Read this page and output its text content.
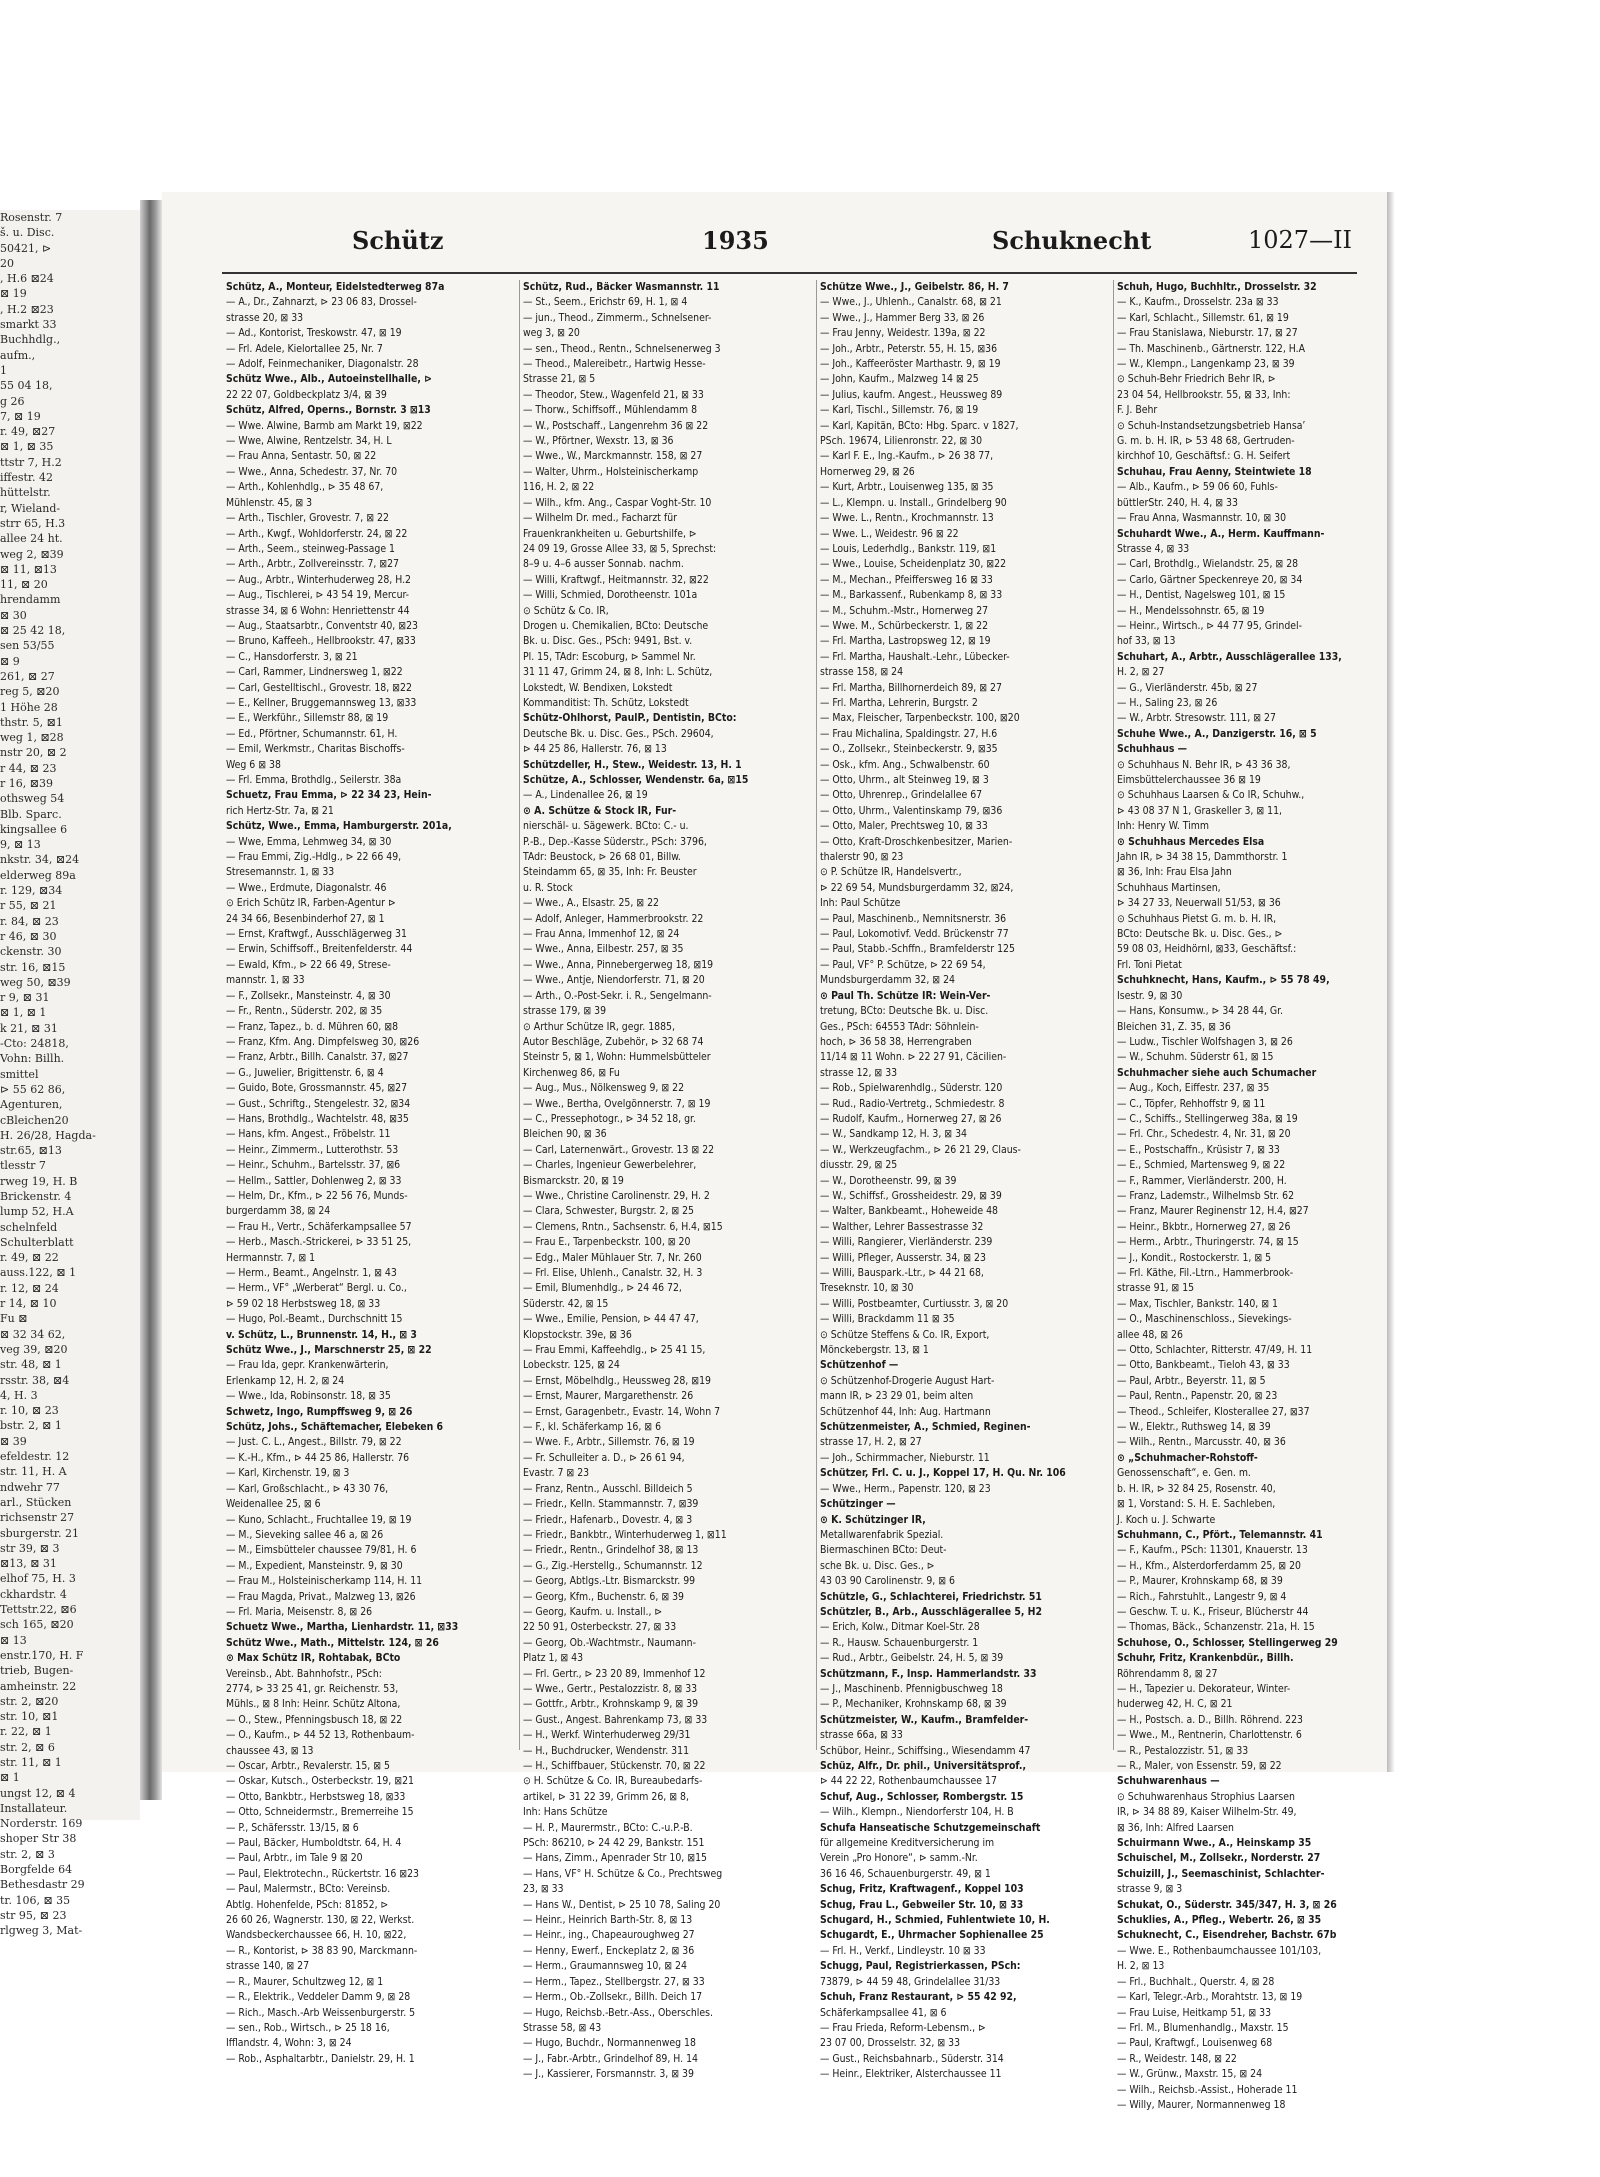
Rosenstr. 7
š. u. Disc.
50421, ⊳
20
, H.6 ⊠24
⊠ 19
, H.2 ⊠23
smarkt 33
Buchhdlg.,
aufm.,
1
55 04 18,
g 26
7, ⊠ 19
r. 49, ⊠27
⊠ 1, ⊠ 35
ttstr 7, H.2
iffestr. 42
hüttelstr.
r, Wieland-
strr 65, H.3
allee 24 ht.
weg 2, ⊠39
⊠ 11, ⊠13
11, ⊠ 20
hrendamm
⊠ 30
⊠ 25 42 18,
sen 53/55
⊠ 9
261, ⊠ 27
reg 5, ⊠20
1 Höhe 28
thstr. 5, ⊠1
weg 1, ⊠28
nstr 20, ⊠ 2
r 44, ⊠ 23
r 16, ⊠39
othsweg 54
Blb. Sparc.
kingsallee 6
9, ⊠ 13
nkstr. 34, ⊠24
elderweg 89a
r. 129, ⊠34
r 55, ⊠ 21
r. 84, ⊠ 23
r 46, ⊠ 30
ckenstr. 30
str. 16, ⊠15
weg 50, ⊠39
r 9, ⊠ 31
⊠ 1, ⊠ 1
k 21, ⊠ 31
-Cto: 24818,
Vohn: Billh.
smittel
⊳ 55 62 86,
Agenturen,
cBleichen20
H. 26/28, Hagda-
str.65, ⊠13
tlesstr 7
rweg 19, H. B
Brickenstr. 4
lump 52, H.A
schelnfeld
Schulterblatt
r. 49, ⊠ 22
auss.122, ⊠ 1
r. 12, ⊠ 24
r 14, ⊠ 10
Fu ⊠
⊠ 32 34 62,
veg 39, ⊠20
str. 48, ⊠ 1
rsstr. 38, ⊠4
4, H. 3
r. 10, ⊠ 23
bstr. 2, ⊠ 1
⊠ 39
efeldestr. 12
str. 11, H. A
ndwehr 77
arl., Stücken
richsenstr 27
sburgerstr. 21
str 39, ⊠ 3
⊠13, ⊠ 31
elhof 75, H. 3
ckhardstr. 4
Tettstr.22, ⊠6
sch 165, ⊠20
⊠ 13
enstr.170, H. F
trieb, Bugen-
amheinstr. 22
str. 2, ⊠20
str. 10, ⊠1
r. 22, ⊠ 1
str. 2, ⊠ 6
str. 11, ⊠ 1
⊠ 1
ungst 12, ⊠ 4
Installateur.
Norderstr. 169
shoper Str 38
str. 2, ⊠ 3
Borgfelde 64
Bethesdastr 29
tr. 106, ⊠ 35
str 95, ⊠ 23
rlgweg 3, Mat-
Schütz	1935	Schuknecht	1027—II
Schütz, A., Monteur, Eidelstedterweg 87a
— A., Dr., Zahnarzt, ⊳ 23 06 83, Drossel-
strasse 20, ⊠ 33
— Ad., Kontorist, Treskowstr. 47, ⊠ 19
— Frl. Adele, Kielortallee 25, Nr. 7
— Adolf, Feinmechaniker, Diagonalstr. 28
Schütz Wwe., Alb., Autoeinstellhalle, ⊳
22 22 07, Goldbeckplatz 3/4, ⊠ 39
Schütz, Alfred, Operns., Bornstr. 3 ⊠13
— Wwe. Alwine, Barmb am Markt 19, ⊠22
— Wwe, Alwine, Rentzelstr. 34, H. L
— Frau Anna, Sentastr. 50, ⊠ 22
— Wwe., Anna, Schedestr. 37, Nr. 70
— Arth., Kohlenhdlg., ⊳ 35 48 67,
Mühlenstr. 45, ⊠ 3
— Arth., Tischler, Grovestr. 7, ⊠ 22
— Arth., Kwgf., Wohldorferstr. 24, ⊠ 22
— Arth., Seem., steinweg-Passage 1
— Arth., Arbtr., Zollvereinsstr. 7, ⊠27
— Aug., Arbtr., Winterhuderweg 28, H.2
— Aug., Tischlerei, ⊳ 43 54 19, Mercur-
strasse 34, ⊠ 6 Wohn: Henriettenstr 44
— Aug., Staatsarbtr., Conventstr 40, ⊠23
— Bruno, Kaffeeh., Hellbrookstr. 47, ⊠33
— C., Hansdorferstr. 3, ⊠ 21
— Carl, Rammer, Lindnersweg 1, ⊠22
— Carl, Gestelltischl., Grovestr. 18, ⊠22
— E., Kellner, Bruggemannsweg 13, ⊠33
— E., Werkführ., Sillemstr 88, ⊠ 19
— Ed., Pförtner, Schumannstr. 61, H.
— Emil, Werkmstr., Charitas Bischoffs-
Weg 6 ⊠ 38
— Frl. Emma, Brothdlg., Seilerstr. 38a
Schuetz, Frau Emma, ⊳ 22 34 23, Hein-
rich Hertz-Str. 7a, ⊠ 21
Schütz, Wwe., Emma, Hamburgerstr. 201a,
— Wwe, Emma, Lehmweg 34, ⊠ 30
— Frau Emmi, Zig.-Hdlg., ⊳ 22 66 49,
Stresemannstr. 1, ⊠ 33
— Wwe., Erdmute, Diagonalstr. 46
⊙ Erich Schütz IR, Farben-Agentur ⊳
24 34 66, Besenbinderhof 27, ⊠ 1
— Ernst, Kraftwgf., Ausschlägerweg 31
— Erwin, Schiffsoff., Breitenfelderstr. 44
— Ewald, Kfm., ⊳ 22 66 49, Strese-
mannstr. 1, ⊠ 33
— F., Zollsekr., Mansteinstr. 4, ⊠ 30
— Fr., Rentn., Süderstr. 202, ⊠ 35
— Franz, Tapez., b. d. Mühren 60, ⊠8
— Franz, Kfm. Ang. Dimpfelsweg 30, ⊠26
— Franz, Arbtr., Billh. Canalstr. 37, ⊠27
— G., Juwelier, Brigittenstr. 6, ⊠ 4
— Guido, Bote, Grossmannstr. 45, ⊠27
— Gust., Schriftg., Stengelestr. 32, ⊠34
— Hans, Brothdlg., Wachtelstr. 48, ⊠35
— Hans, kfm. Angest., Fröbelstr. 11
— Heinr., Zimmerm., Lutterothstr. 53
— Heinr., Schuhm., Bartelsstr. 37, ⊠6
— Hellm., Sattler, Dohlenweg 2, ⊠ 33
— Helm, Dr., Kfm., ⊳ 22 56 76, Munds-
burgerdamm 38, ⊠ 24
— Frau H., Vertr., Schäferkampsallee 57
— Herb., Masch.-Strickerei, ⊳ 33 51 25,
Hermannstr. 7, ⊠ 1
— Herm., Beamt., Angelnstr. 1, ⊠ 43
— Herm., VF° „Werberat“ Bergl. u. Co.,
⊳ 59 02 18 Herbstsweg 18, ⊠ 33
— Hugo, Pol.-Beamt., Durchschnitt 15
v. Schütz, L., Brunnenstr. 14, H., ⊠ 3
Schütz Wwe., J., Marschnerstr 25, ⊠ 22
— Frau Ida, gepr. Krankenwärterin,
Erlenkamp 12, H. 2, ⊠ 24
— Wwe., Ida, Robinsonstr. 18, ⊠ 35
Schwetz, Ingo, Rumpffsweg 9, ⊠ 26
Schütz, Johs., Schäftemacher, Elebeken 6
— Just. C. L., Angest., Billstr. 79, ⊠ 22
— K.-H., Kfm., ⊳ 44 25 86, Hallerstr. 76
— Karl, Kirchenstr. 19, ⊠ 3
— Karl, Großschlacht., ⊳ 43 30 76,
Weidenallee 25, ⊠ 6
— Kuno, Schlacht., Fruchtallee 19, ⊠ 19
— M., Sieveking sallee 46 a, ⊠ 26
— M., Eimsbütteler chaussee 79/81, H. 6
— M., Expedient, Mansteinstr. 9, ⊠ 30
— Frau M., Holsteinischerkamp 114, H. 11
— Frau Magda, Privat., Malzweg 13, ⊠26
— Frl. Maria, Meisenstr. 8, ⊠ 26
Schuetz Wwe., Martha, Lienhardstr. 11, ⊠33
Schütz Wwe., Math., Mittelstr. 124, ⊠ 26
⊙ Max Schütz IR, Rohtabak, BCto
Vereinsb., Abt. Bahnhofstr., PSch:
2774, ⊳ 33 25 41, gr. Reichenstr. 53,
Mühls., ⊠ 8 Inh: Heinr. Schütz Altona,
— O., Stew., Pfenningsbusch 18, ⊠ 22
— O., Kaufm., ⊳ 44 52 13, Rothenbaum-
chaussee 43, ⊠ 13
— Oscar, Arbtr., Revalerstr. 15, ⊠ 5
— Oskar, Kutsch., Osterbeckstr. 19, ⊠21
— Otto, Bankbtr., Herbstsweg 18, ⊠33
— Otto, Schneidermstr., Bremerreihe 15
— P., Schäfersstr. 13/15, ⊠ 6
— Paul, Bäcker, Humboldtstr. 64, H. 4
— Paul, Arbtr., im Tale 9 ⊠ 20
— Paul, Elektrotechn., Rückertstr. 16 ⊠23
— Paul, Malermstr., BCto: Vereinsb.
Abtlg. Hohenfelde, PSch: 81852, ⊳
26 60 26, Wagnerstr. 130, ⊠ 22, Werkst.
Wandsbeckerchaussee 66, H. 10, ⊠22,
— R., Kontorist, ⊳ 38 83 90, Marckmann-
strasse 140, ⊠ 27
— R., Maurer, Schultzweg 12, ⊠ 1
— R., Elektrik., Veddeler Damm 9, ⊠ 28
— Rich., Masch.-Arb Weissenburgerstr. 5
— sen., Rob., Wirtsch., ⊳ 25 18 16,
Ifflandstr. 4, Wohn: 3, ⊠ 24
— Rob., Asphaltarbtr., Danielstr. 29, H. 1
Schütz, Rud., Bäcker Wasmannstr. 11
— St., Seem., Erichstr 69, H. 1, ⊠ 4
— jun., Theod., Zimmerm., Schnelsener-
weg 3, ⊠ 20
— sen., Theod., Rentn., Schnelsenerweg 3
— Theod., Malereibetr., Hartwig Hesse-
Strasse 21, ⊠ 5
— Theodor, Stew., Wagenfeld 21, ⊠ 33
— Thorw., Schiffsoff., Mühlendamm 8
— W., Postschaff., Langenrehm 36 ⊠ 22
— W., Pförtner, Wexstr. 13, ⊠ 36
— Wwe., W., Marckmannstr. 158, ⊠ 27
— Walter, Uhrm., Holsteinischerkamp
116, H. 2, ⊠ 22
— Wilh., kfm. Ang., Caspar Voght-Str. 10
— Wilhelm Dr. med., Facharzt für
Frauenkrankheiten u. Geburtshilfe, ⊳
24 09 19, Grosse Allee 33, ⊠ 5, Sprechst:
8–9 u. 4–6 ausser Sonnab. nachm.
— Willi, Kraftwgf., Heitmannstr. 32, ⊠22
— Willi, Schmied, Dorotheenstr. 101a
⊙ Schütz & Co. IR,
Drogen u. Chemikalien, BCto: Deutsche
Bk. u. Disc. Ges., PSch: 9491, Bst. v.
Pl. 15, TAdr: Escoburg, ⊳ Sammel Nr.
31 11 47, Grimm 24, ⊠ 8, Inh: L. Schütz,
Lokstedt, W. Bendixen, Lokstedt
Kommanditist: Th. Schütz, Lokstedt
Schütz-Ohlhorst, PaulP., Dentistin, BCto:
Deutsche Bk. u. Disc. Ges., PSch. 29604,
⊳ 44 25 86, Hallerstr. 76, ⊠ 13
Schützdeller, H., Stew., Weidestr. 13, H. 1
Schütze, A., Schlosser, Wendenstr. 6a, ⊠15
— A., Lindenallee 26, ⊠ 19
⊙ A. Schütze & Stock IR, Fur-
nierschäl- u. Sägewerk. BCto: C.- u.
P.-B., Dep.-Kasse Süderstr., PSch: 3796,
TAdr: Beustock, ⊳ 26 68 01, Billw.
Steindamm 65, ⊠ 35, Inh: Fr. Beuster
u. R. Stock
— Wwe., A., Elsastr. 25, ⊠ 22
— Adolf, Anleger, Hammerbrookstr. 22
— Frau Anna, Immenhof 12, ⊠ 24
— Wwe., Anna, Eilbestr. 257, ⊠ 35
— Wwe., Anna, Pinnebergerweg 18, ⊠19
— Wwe., Antje, Niendorferstr. 71, ⊠ 20
— Arth., O.-Post-Sekr. i. R., Sengelmann-
strasse 179, ⊠ 39
⊙ Arthur Schütze IR, gegr. 1885,
Autor Beschläge, Zubehör, ⊳ 32 68 74
Steinstr 5, ⊠ 1, Wohn: Hummelsbütteler
Kirchenweg 86, ⊠ Fu
— Aug., Mus., Nölkensweg 9, ⊠ 22
— Wwe., Bertha, Ovelgönnerstr. 7, ⊠ 19
— C., Pressephotogr., ⊳ 34 52 18, gr.
Bleichen 90, ⊠ 36
— Carl, Laternenwärt., Grovestr. 13 ⊠ 22
— Charles, Ingenieur Gewerbelehrer,
Bismarckstr. 20, ⊠ 19
— Wwe., Christine Carolinenstr. 29, H. 2
— Clara, Schwester, Burgstr. 2, ⊠ 25
— Clemens, Rntn., Sachsenstr. 6, H.4, ⊠15
— Frau E., Tarpenbeckstr. 100, ⊠ 20
— Edg., Maler Mühlauer Str. 7, Nr. 260
— Frl. Elise, Uhlenh., Canalstr. 32, H. 3
— Emil, Blumenhdlg., ⊳ 24 46 72,
Süderstr. 42, ⊠ 15
— Wwe., Emilie, Pension, ⊳ 44 47 47,
Klopstockstr. 39e, ⊠ 36
— Frau Emmi, Kaffeehdlg., ⊳ 25 41 15,
Lobeckstr. 125, ⊠ 24
— Ernst, Möbelhdlg., Heussweg 28, ⊠19
— Ernst, Maurer, Margarethenstr. 26
— Ernst, Garagenbetr., Evastr. 14, Wohn 7
— F., kl. Schäferkamp 16, ⊠ 6
— Wwe. F., Arbtr., Sillemstr. 76, ⊠ 19
— Fr. Schulleiter a. D., ⊳ 26 61 94,
Evastr. 7 ⊠ 23
— Franz, Rentn., Ausschl. Billdeich 5
— Friedr., Kelln. Stammannstr. 7, ⊠39
— Friedr., Hafenarb., Dovestr. 4, ⊠ 3
— Friedr., Bankbtr., Winterhuderweg 1, ⊠11
— Friedr., Rentn., Grindelhof 38, ⊠ 13
— G., Zig.-Herstellg., Schumannstr. 12
— Georg, Abtlgs.-Ltr. Bismarckstr. 99
— Georg, Kfm., Buchenstr. 6, ⊠ 39
— Georg, Kaufm. u. Install., ⊳
22 50 91, Osterbeckstr. 27, ⊠ 33
— Georg, Ob.-Wachtmstr., Naumann-
Platz 1, ⊠ 43
— Frl. Gertr., ⊳ 23 20 89, Immenhof 12
— Wwe., Gertr., Pestalozzistr. 8, ⊠ 33
— Gottfr., Arbtr., Krohnskamp 9, ⊠ 39
— Gust., Angest. Bahrenkamp 73, ⊠ 33
— H., Werkf. Winterhuderweg 29/31
— H., Buchdrucker, Wendenstr. 311
— H., Schiffbauer, Stückenstr. 70, ⊠ 22
⊙ H. Schütze & Co. IR, Bureaubedarfs-
artikel, ⊳ 31 22 39, Grimm 26, ⊠ 8,
Inh: Hans Schütze
— H. P., Maurermstr., BCto: C.-u.P.-B.
PSch: 86210, ⊳ 24 42 29, Bankstr. 151
— Hans, Zimm., Apenrader Str 10, ⊠15
— Hans, VF° H. Schütze & Co., Prechtsweg
23, ⊠ 33
— Hans W., Dentist, ⊳ 25 10 78, Saling 20
— Heinr., Heinrich Barth-Str. 8, ⊠ 13
— Heinr., ing., Chapeauroughweg 27
— Henny, Ewerf., Enckeplatz 2, ⊠ 36
— Herm., Graumannsweg 10, ⊠ 24
— Herm., Tapez., Stellbergstr. 27, ⊠ 33
— Herm., Ob.-Zollsekr., Billh. Deich 17
— Hugo, Reichsb.-Betr.-Ass., Oberschles.
Strasse 58, ⊠ 43
— Hugo, Buchdr., Normannenweg 18
— J., Fabr.-Arbtr., Grindelhof 89, H. 14
— J., Kassierer, Forsmannstr. 3, ⊠ 39
Schütze Wwe., J., Geibelstr. 86, H. 7
— Wwe., J., Uhlenh., Canalstr. 68, ⊠ 21
— Wwe., J., Hammer Berg 33, ⊠ 26
— Frau Jenny, Weidestr. 139a, ⊠ 22
— Joh., Arbtr., Peterstr. 55, H. 15, ⊠36
— Joh., Kaffeeröster Marthastr. 9, ⊠ 19
— John, Kaufm., Malzweg 14 ⊠ 25
— Julius, kaufm. Angest., Heussweg 89
— Karl, Tischl., Sillemstr. 76, ⊠ 19
— Karl, Kapitän, BCto: Hbg. Sparc. v 1827,
PSch. 19674, Lilienronstr. 22, ⊠ 30
— Karl F. E., Ing.-Kaufm., ⊳ 26 38 77,
Hornerweg 29, ⊠ 26
— Kurt, Arbtr., Louisenweg 135, ⊠ 35
— L., Klempn. u. Install., Grindelberg 90
— Wwe. L., Rentn., Krochmannstr. 13
— Wwe. L., Weidestr. 96 ⊠ 22
— Louis, Lederhdlg., Bankstr. 119, ⊠1
— Wwe., Louise, Scheidenplatz 30, ⊠22
— M., Mechan., Pfeiffersweg 16 ⊠ 33
— M., Barkassenf., Rubenkamp 8, ⊠ 33
— M., Schuhm.-Mstr., Hornerweg 27
— Wwe. M., Schürbeckerstr. 1, ⊠ 22
— Frl. Martha, Lastropsweg 12, ⊠ 19
— Frl. Martha, Haushalt.-Lehr., Lübecker-
strasse 158, ⊠ 24
— Frl. Martha, Billhornerdeich 89, ⊠ 27
— Frl. Martha, Lehrerin, Burgstr. 2
— Max, Fleischer, Tarpenbeckstr. 100, ⊠20
— Frau Michalina, Spaldingstr. 27, H.6
— O., Zollsekr., Steinbeckerstr. 9, ⊠35
— Osk., kfm. Ang., Schwalbenstr. 60
— Otto, Uhrm., alt Steinweg 19, ⊠ 3
— Otto, Uhrenrep., Grindelallee 67
— Otto, Uhrm., Valentinskamp 79, ⊠36
— Otto, Maler, Prechtsweg 10, ⊠ 33
— Otto, Kraft-Droschkenbesitzer, Marien-
thalerstr 90, ⊠ 23
⊙ P. Schütze IR, Handelsvertr.,
⊳ 22 69 54, Mundsburgerdamm 32, ⊠24,
Inh: Paul Schütze
— Paul, Maschinenb., Nemnitsnerstr. 36
— Paul, Lokomotivf. Vedd. Brückenstr 77
— Paul, Stabb.-Schffn., Bramfelderstr 125
— Paul, VF° P. Schütze, ⊳ 22 69 54,
Mundsburgerdamm 32, ⊠ 24
⊙ Paul Th. Schütze IR: Wein-Ver-
tretung, BCto: Deutsche Bk. u. Disc.
Ges., PSch: 64553 TAdr: Söhnlein-
hoch, ⊳ 36 58 38, Herrengraben
11/14 ⊠ 11 Wohn. ⊳ 22 27 91, Cäcilien-
strasse 12, ⊠ 33
— Rob., Spielwarenhdlg., Süderstr. 120
— Rud., Radio-Vertretg., Schmiedestr. 8
— Rudolf, Kaufm., Hornerweg 27, ⊠ 26
— W., Sandkamp 12, H. 3, ⊠ 34
— W., Werkzeugfachm., ⊳ 26 21 29, Claus-
diusstr. 29, ⊠ 25
— W., Dorotheenstr. 99, ⊠ 39
— W., Schiffsf., Grossheidestr. 29, ⊠ 39
— Walter, Bankbeamt., Hoheweide 48
— Walther, Lehrer Bassestrasse 32
— Willi, Rangierer, Vierländerstr. 239
— Willi, Pfleger, Ausserstr. 34, ⊠ 23
— Willi, Bauspark.-Ltr., ⊳ 44 21 68,
Treseknstr. 10, ⊠ 30
— Willi, Postbeamter, Curtiusstr. 3, ⊠ 20
— Willi, Brackdamm 11 ⊠ 35
⊙ Schütze Steffens & Co. IR, Export,
Mönckebergstr. 13, ⊠ 1
Schützenhof —
⊙ Schützenhof-Drogerie August Hart-
mann IR, ⊳ 23 29 01, beim alten
Schützenhof 44, Inh: Aug. Hartmann
Schützenmeister, A., Schmied, Reginen-
strasse 17, H. 2, ⊠ 27
— Joh., Schirmmacher, Nieburstr. 11
Schützer, Frl. C. u. J., Koppel 17, H. Qu. Nr. 106
— Wwe., Herm., Papenstr. 120, ⊠ 23
Schützinger —
⊙ K. Schützinger IR,
Metallwarenfabrik Spezial.
Biermaschinen BCto: Deut-
sche Bk. u. Disc. Ges., ⊳
43 03 90 Carolinenstr. 9, ⊠ 6
Schützle, G., Schlachterei, Friedrichstr. 51
Schützler, B., Arb., Ausschlägerallee 5, H2
— Erich, Kolw., Ditmar Koel-Str. 28
— R., Hausw. Schauenburgerstr. 1
— Rud., Arbtr., Geibelstr. 24, H. 5, ⊠ 39
Schützmann, F., Insp. Hammerlandstr. 33
— J., Maschinenb. Pfennigbuschweg 18
— P., Mechaniker, Krohnskamp 68, ⊠ 39
Schützmeister, W., Kaufm., Bramfelder-
strasse 66a, ⊠ 33
Schübor, Heinr., Schiffsing., Wiesendamm 47
Schüz, Alfr., Dr. phil., Universitätsprof.,
⊳ 44 22 22, Rothenbaumchaussee 17
Schuf, Aug., Schlosser, Rombergstr. 15
— Wilh., Klempn., Niendorferstr 104, H. B
Schufa Hanseatische Schutzgemeinschaft
für allgemeine Kreditversicherung im
Verein „Pro Honore“, ⊳ samm.-Nr.
36 16 46, Schauenburgerstr. 49, ⊠ 1
Schug, Fritz, Kraftwagenf., Koppel 103
Schug, Frau L., Gebweiler Str. 10, ⊠ 33
Schugard, H., Schmied, Fuhlentwiete 10, H.
Schugardt, E., Uhrmacher Sophienallee 25
— Frl. H., Verkf., Lindleystr. 10 ⊠ 33
Schugg, Paul, Registrierkassen, PSch:
73879, ⊳ 44 59 48, Grindelallee 31/33
Schuh, Franz Restaurant, ⊳ 55 42 92,
Schäferkampsallee 41, ⊠ 6
— Frau Frieda, Reform-Lebensm., ⊳
23 07 00, Drosselstr. 32, ⊠ 33
— Gust., Reichsbahnarb., Süderstr. 314
— Heinr., Elektriker, Alsterchaussee 11
Schuh, Hugo, Buchhltr., Drosselstr. 32
— K., Kaufm., Drosselstr. 23a ⊠ 33
— Karl, Schlacht., Sillemstr. 61, ⊠ 19
— Frau Stanislawa, Nieburstr. 17, ⊠ 27
— Th. Maschinenb., Gärtnerstr. 122, H.A
— W., Klempn., Langenkamp 23, ⊠ 39
⊙ Schuh-Behr Friedrich Behr IR, ⊳
23 04 54, Hellbrookstr. 55, ⊠ 33, Inh:
F. J. Behr
⊙ Schuh-Instandsetzungsbetrieb Hansa’
G. m. b. H. IR, ⊳ 53 48 68, Gertruden-
kirchhof 10, Geschäftsf.: G. H. Seifert
Schuhau, Frau Aenny, Steintwiete 18
— Alb., Kaufm., ⊳ 59 06 60, Fuhls-
büttlerStr. 240, H. 4, ⊠ 33
— Frau Anna, Wasmannstr. 10, ⊠ 30
Schuhardt Wwe., A., Herm. Kauffmann-
Strasse 4, ⊠ 33
— Carl, Brothdlg., Wielandstr. 25, ⊠ 28
— Carlo, Gärtner Speckenreye 20, ⊠ 34
— H., Dentist, Nagelsweg 101, ⊠ 15
— H., Mendelssohnstr. 65, ⊠ 19
— Heinr., Wirtsch., ⊳ 44 77 95, Grindel-
hof 33, ⊠ 13
Schuhart, A., Arbtr., Ausschlägerallee 133,
H. 2, ⊠ 27
— G., Vierländerstr. 45b, ⊠ 27
— H., Saling 23, ⊠ 26
— W., Arbtr. Stresowstr. 111, ⊠ 27
Schuhe Wwe., A., Danzigerstr. 16, ⊠ 5
Schuhhaus —
⊙ Schuhhaus N. Behr IR, ⊳ 43 36 38,
Eimsbüttelerchaussee 36 ⊠ 19
⊙ Schuhhaus Laarsen & Co IR, Schuhw.,
⊳ 43 08 37 N 1, Graskeller 3, ⊠ 11,
Inh: Henry W. Timm
⊙ Schuhhaus Mercedes Elsa
Jahn IR, ⊳ 34 38 15, Dammthorstr. 1
⊠ 36, Inh: Frau Elsa Jahn
Schuhhaus Martinsen,
⊳ 34 27 33, Neuerwall 51/53, ⊠ 36
⊙ Schuhhaus Pietst G. m. b. H. IR,
BCto: Deutsche Bk. u. Disc. Ges., ⊳
59 08 03, Heidhörnl, ⊠33, Geschäftsf.:
Frl. Toni Pietat
Schuhknecht, Hans, Kaufm., ⊳ 55 78 49,
Isestr. 9, ⊠ 30
— Hans, Konsumw., ⊳ 34 28 44, Gr.
Bleichen 31, Z. 35, ⊠ 36
— Ludw., Tischler Wolfshagen 3, ⊠ 26
— W., Schuhm. Süderstr 61, ⊠ 15
Schuhmacher siehe auch Schumacher
— Aug., Koch, Eiffestr. 237, ⊠ 35
— C., Töpfer, Rehhoffstr 9, ⊠ 11
— C., Schiffs., Stellingerweg 38a, ⊠ 19
— Frl. Chr., Schedestr. 4, Nr. 31, ⊠ 20
— E., Postschaffn., Krüsistr 7, ⊠ 33
— E., Schmied, Martensweg 9, ⊠ 22
— F., Rammer, Vierländerstr. 200, H.
— Franz, Lademstr., Wilhelmsb Str. 62
— Franz, Maurer Reginenstr 12, H.4, ⊠27
— Heinr., Bkbtr., Hornerweg 27, ⊠ 26
— Herm., Arbtr., Thuringerstr. 74, ⊠ 15
— J., Kondit., Rostockerstr. 1, ⊠ 5
— Frl. Käthe, Fil.-Ltrn., Hammerbrook-
strasse 91, ⊠ 15
— Max, Tischler, Bankstr. 140, ⊠ 1
— O., Maschinenschloss., Sievekings-
allee 48, ⊠ 26
— Otto, Schlachter, Ritterstr. 47/49, H. 11
— Otto, Bankbeamt., Tieloh 43, ⊠ 33
— Paul, Arbtr., Beyerstr. 11, ⊠ 5
— Paul, Rentn., Papenstr. 20, ⊠ 23
— Theod., Schleifer, Klosterallee 27, ⊠37
— W., Elektr., Ruthsweg 14, ⊠ 39
— Wilh., Rentn., Marcusstr. 40, ⊠ 36
⊙ „Schuhmacher-Rohstoff-
Genossenschaft“, e. Gen. m.
b. H. IR, ⊳ 32 84 25, Rosenstr. 40,
⊠ 1, Vorstand: S. H. E. Sachleben,
J. Koch u. J. Schwarte
Schuhmann, C., Pfört., Telemannstr. 41
— F., Kaufm., PSch: 11301, Knauerstr. 13
— H., Kfm., Alsterdorferdamm 25, ⊠ 20
— P., Maurer, Krohnskamp 68, ⊠ 39
— Rich., Fahrstuhlt., Langestr 9, ⊠ 4
— Geschw. T. u. K., Friseur, Blücherstr 44
— Thomas, Bäck., Schanzenstr. 21a, H. 15
Schuhose, O., Schlosser, Stellingerweg 29
Schuhr, Fritz, Krankenbdür., Billh.
Röhrendamm 8, ⊠ 27
— H., Tapezier u. Dekorateur, Winter-
huderweg 42, H. C, ⊠ 21
— H., Postsch. a. D., Billh. Röhrend. 223
— Wwe., M., Rentnerin, Charlottenstr. 6
— R., Pestalozzistr. 51, ⊠ 33
— R., Maler, von Essenstr. 59, ⊠ 22
Schuhwarenhaus —
⊙ Schuhwarenhaus Strophius Laarsen
IR, ⊳ 34 88 89, Kaiser Wilhelm-Str. 49,
⊠ 36, Inh: Alfred Laarsen
Schuirmann Wwe., A., Heinskamp 35
Schuischel, M., Zollsekr., Norderstr. 27
Schuizill, J., Seemaschinist, Schlachter-
strasse 9, ⊠ 3
Schukat, O., Süderstr. 345/347, H. 3, ⊠ 26
Schuklies, A., Pfleg., Webertr. 26, ⊠ 35
Schuknecht, C., Eisendreher, Bachstr. 67b
— Wwe. E., Rothenbaumchaussee 101/103,
H. 2, ⊠ 13
— Frl., Buchhalt., Querstr. 4, ⊠ 28
— Karl, Telegr.-Arb., Morahtstr. 13, ⊠ 19
— Frau Luise, Heitkamp 51, ⊠ 33
— Frl. M., Blumenhandlg., Maxstr. 15
— Paul, Kraftwgf., Louisenweg 68
— R., Weidestr. 148, ⊠ 22
— W., Grünw., Maxstr. 15, ⊠ 24
— Wilh., Reichsb.-Assist., Hoherade 11
— Willy, Maurer, Normannenweg 18
